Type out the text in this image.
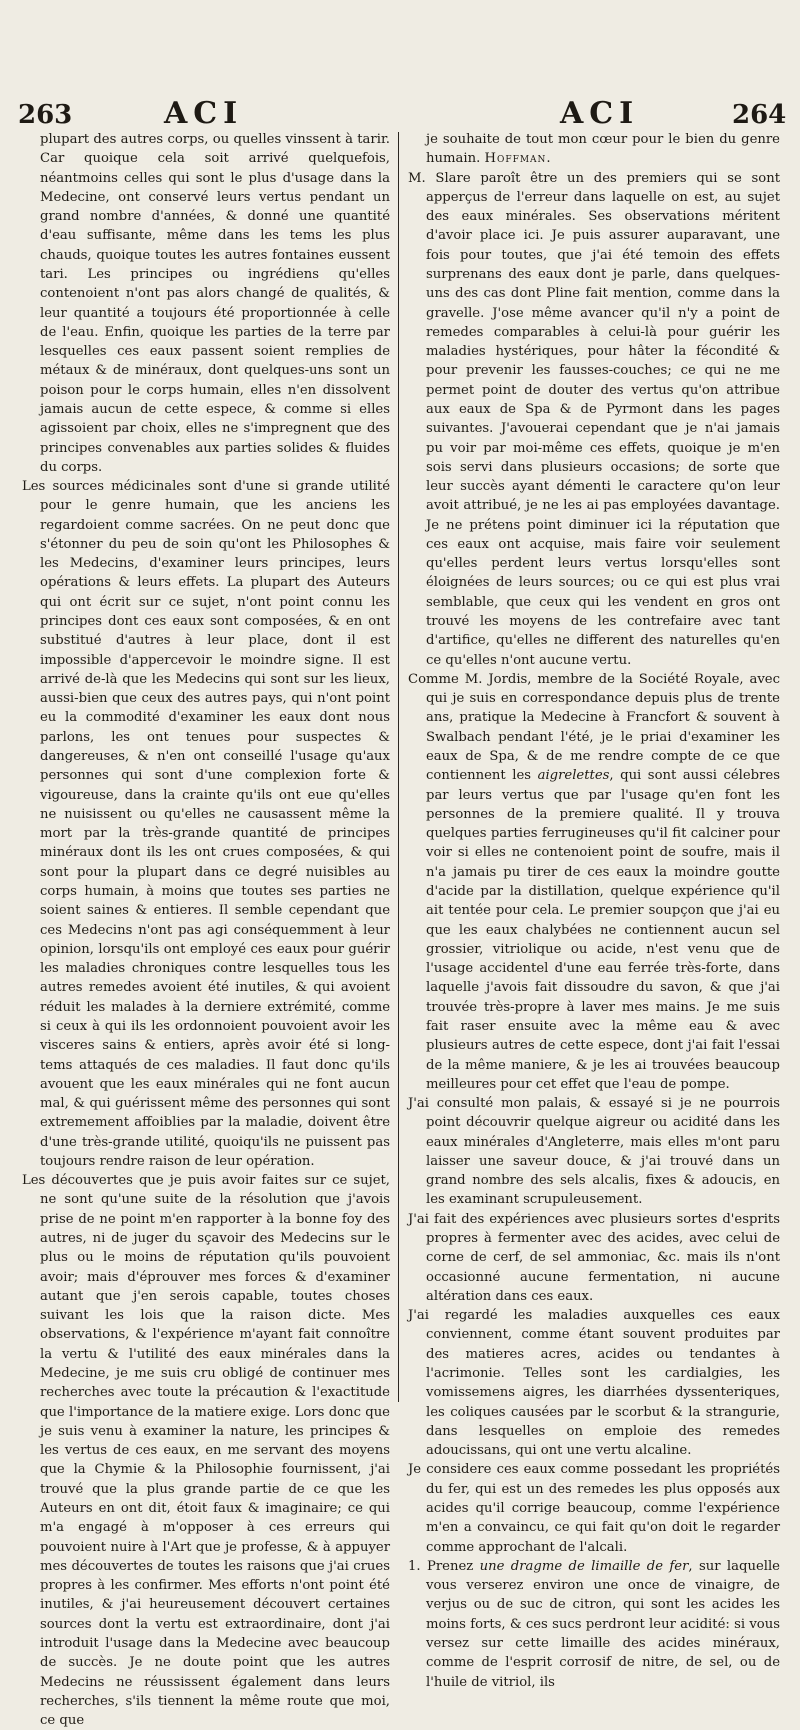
263	ACI	ACI	264

plupart des autres corps, ou quelles vinssent à tarir. Car quoique cela soit arrivé quelquefois, néantmoins celles qui sont le plus d'usage dans la Medecine, ont conservé leurs vertus pendant un grand nombre d'années, & donné une quantité d'eau suffisante, même dans les tems les plus chauds, quoique toutes les autres fontaines eussent tari. Les principes ou ingrédiens qu'elles contenoient n'ont pas alors changé de qualités, & leur quantité a toujours été proportionnée à celle de l'eau. Enfin, quoique les parties de la terre par lesquelles ces eaux passent soient remplies de métaux & de minéraux, dont quelques-uns sont un poison pour le corps humain, elles n'en dissolvent jamais aucun de cette espece, & comme si elles agissoient par choix, elles ne s'impregnent que des principes convenables aux parties solides & fluides du corps.

Les sources médicinales sont d'une si grande utilité pour le genre humain, que les anciens les regardoient comme sacrées. On ne peut donc que s'étonner du peu de soin qu'ont les Philosophes & les Medecins, d'examiner leurs principes, leurs opérations & leurs effets. La plupart des Auteurs qui ont écrit sur ce sujet, n'ont point connu les principes dont ces eaux sont composées, & en ont substitué d'autres à leur place, dont il est impossible d'appercevoir le moindre signe. Il est arrivé de-là que les Medecins qui sont sur les lieux, aussi-bien que ceux des autres pays, qui n'ont point eu la commodité d'examiner les eaux dont nous parlons, les ont tenues pour suspectes & dangereuses, & n'en ont conseillé l'usage qu'aux personnes qui sont d'une complexion forte & vigoureuse, dans la crainte qu'ils ont eue qu'elles ne nuisissent ou qu'elles ne causassent même la mort par la très-grande quantité de principes minéraux dont ils les ont crues composées, & qui sont pour la plupart dans ce degré nuisibles au corps humain, à moins que toutes ses parties ne soient saines & entieres. Il semble cependant que ces Medecins n'ont pas agi conséquemment à leur opinion, lorsqu'ils ont employé ces eaux pour guérir les maladies chroniques contre lesquelles tous les autres remedes avoient été inutiles, & qui avoient réduit les malades à la derniere extrémité, comme si ceux à qui ils les ordonnoient pouvoient avoir les visceres sains & entiers, après avoir été si long-tems attaqués de ces maladies. Il faut donc qu'ils avouent que les eaux minérales qui ne font aucun mal, & qui guérissent même des personnes qui sont extremement affoiblies par la maladie, doivent être d'une très-grande utilité, quoiqu'ils ne puissent pas toujours rendre raison de leur opération.

Les découvertes que je puis avoir faites sur ce sujet, ne sont qu'une suite de la résolution que j'avois prise de ne point m'en rapporter à la bonne foy des autres, ni de juger du sçavoir des Medecins sur le plus ou le moins de réputation qu'ils pouvoient avoir; mais d'éprouver mes forces & d'examiner autant que j'en serois capable, toutes choses suivant les lois que la raison dicte. Mes observations, & l'expérience m'ayant fait connoître la vertu & l'utilité des eaux minérales dans la Medecine, je me suis cru obligé de continuer mes recherches avec toute la précaution & l'exactitude que l'importance de la matiere exige. Lors donc que je suis venu à examiner la nature, les principes & les vertus de ces eaux, en me servant des moyens que la Chymie & la Philosophie fournissent, j'ai trouvé que la plus grande partie de ce que les Auteurs en ont dit, étoit faux & imaginaire; ce qui m'a engagé à m'opposer à ces erreurs qui pouvoient nuire à l'Art que je professe, & à appuyer mes découvertes de toutes les raisons que j'ai crues propres à les confirmer. Mes efforts n'ont point été inutiles, & j'ai heureusement découvert certaines sources dont la vertu est extraordinaire, dont j'ai introduit l'usage dans la Medecine avec beaucoup de succès. Je ne doute point que les autres Medecins ne réussissent également dans leurs recherches, s'ils tiennent la même route que moi, ce que

je souhaite de tout mon cœur pour le bien du genre humain. Hoffman.

M. Slare paroît être un des premiers qui se sont apperçus de l'erreur dans laquelle on est, au sujet des eaux minérales. Ses observations méritent d'avoir place ici. Je puis assurer auparavant, une fois pour toutes, que j'ai été temoin des effets surprenans des eaux dont je parle, dans quelques-uns des cas dont Pline fait mention, comme dans la gravelle. J'ose même avancer qu'il n'y a point de remedes comparables à celui-là pour guérir les maladies hystériques, pour hâter la fécondité & pour prevenir les fausses-couches; ce qui ne me permet point de douter des vertus qu'on attribue aux eaux de Spa & de Pyrmont dans les pages suivantes. J'avouerai cependant que je n'ai jamais pu voir par moi-même ces effets, quoique je m'en sois servi dans plusieurs occasions; de sorte que leur succès ayant démenti le caractere qu'on leur avoit attribué, je ne les ai pas employées davantage. Je ne prétens point diminuer ici la réputation que ces eaux ont acquise, mais faire voir seulement qu'elles perdent leurs vertus lorsqu'elles sont éloignées de leurs sources; ou ce qui est plus vrai semblable, que ceux qui les vendent en gros ont trouvé les moyens de les contrefaire avec tant d'artifice, qu'elles ne different des naturelles qu'en ce qu'elles n'ont aucune vertu.

Comme M. Jordis, membre de la Société Royale, avec qui je suis en correspondance depuis plus de trente ans, pratique la Medecine à Francfort & souvent à Swalbach pendant l'été, je le priai d'examiner les eaux de Spa, & de me rendre compte de ce que contiennent les aigrelettes, qui sont aussi célebres par leurs vertus que par l'usage qu'en font les personnes de la premiere qualité. Il y trouva quelques parties ferrugineuses qu'il fit calciner pour voir si elles ne contenoient point de soufre, mais il n'a jamais pu tirer de ces eaux la moindre goutte d'acide par la distillation, quelque expérience qu'il ait tentée pour cela. Le premier soupçon que j'ai eu que les eaux chalybées ne contiennent aucun sel grossier, vitriolique ou acide, n'est venu que de l'usage accidentel d'une eau ferrée très-forte, dans laquelle j'avois fait dissoudre du savon, & que j'ai trouvée très-propre à laver mes mains. Je me suis fait raser ensuite avec la même eau & avec plusieurs autres de cette espece, dont j'ai fait l'essai de la même maniere, & je les ai trouvées beaucoup meilleures pour cet effet que l'eau de pompe.

J'ai consulté mon palais, & essayé si je ne pourrois point découvrir quelque aigreur ou acidité dans les eaux minérales d'Angleterre, mais elles m'ont paru laisser une saveur douce, & j'ai trouvé dans un grand nombre des sels alcalis, fixes & adoucis, en les examinant scrupuleusement.

J'ai fait des expériences avec plusieurs sortes d'esprits propres à fermenter avec des acides, avec celui de corne de cerf, de sel ammoniac, &c. mais ils n'ont occasionné aucune fermentation, ni aucune altération dans ces eaux.

J'ai regardé les maladies auxquelles ces eaux conviennent, comme étant souvent produites par des matieres acres, acides ou tendantes à l'acrimonie. Telles sont les cardialgies, les vomissemens aigres, les diarrhées dyssenteriques, les coliques causées par le scorbut & la strangurie, dans lesquelles on emploie des remedes adoucissans, qui ont une vertu alcaline.

Je considere ces eaux comme possedant les propriétés du fer, qui est un des remedes les plus opposés aux acides qu'il corrige beaucoup, comme l'expérience m'en a convaincu, ce qui fait qu'on doit le regarder comme approchant de l'alcali.

1. Prenez une dragme de limaille de fer, sur laquelle vous verserez environ une once de vinaigre, de verjus ou de suc de citron, qui sont les acides les moins forts, & ces sucs perdront leur acidité: si vous versez sur cette limaille des acides minéraux, comme de l'esprit corrosif de nitre, de sel, ou de l'huile de vitriol, ils
